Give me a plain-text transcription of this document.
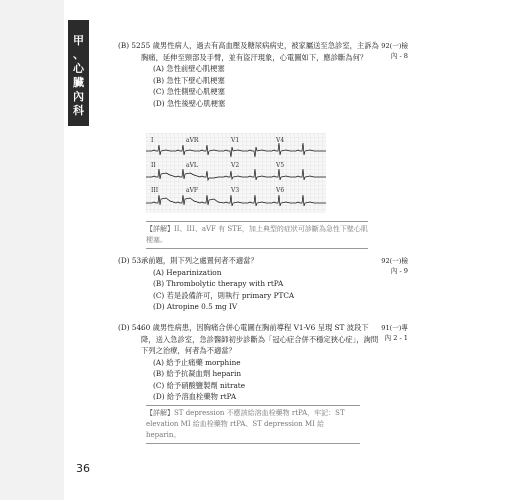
甲
、
心
臟
內
科
(B) 52.
55 歲男性病人，過去有高血壓及糖尿病病史，被家屬送至急診室，主訴為胸痛，延伸至頸部及手臂，並有盜汗現象，心電圖如下，應診斷為何？
(A) 急性前壁心肌梗塞
(B) 急性下壁心肌梗塞
(C) 急性側壁心肌梗塞
(D) 急性後壁心肌梗塞
92(一)檢
內 - 8
I	aVR	V1	V4
II	aVL	V2	V5
III	aVF	V3	V6
【詳解】II、III、aVF 有 STE，加上典型的症狀可診斷為急性下壁心肌梗塞。
(D) 53.
承前題，則下列之處置何者不適當？
(A) Heparinization
(B) Thrombolytic therapy with rtPA
(C) 若是設備許可，則執行 primary PTCA
(D) Atropine 0.5 mg IV
92(一)檢
內 - 9
(D) 54.
60 歲男性病患，因胸痛合併心電圖在胸前導程 V1-V6 呈現 ST 波段下降，送入急診室，急診醫師初步診斷為「冠心症合併不穩定狹心症」，詢問下列之治療，何者為不適當？
(A) 給予止痛藥 morphine
(B) 給予抗凝血劑 heparin
(C) 給予硝酸鹽製劑 nitrate
(D) 給予溶血栓藥物 rtPA
91(一)專
內 2 - 1
【詳解】ST depression 不應該給溶血栓藥物 rtPA，牢記：ST elevation MI 給血栓藥物 rtPA、ST depression MI 給 heparin。
36
